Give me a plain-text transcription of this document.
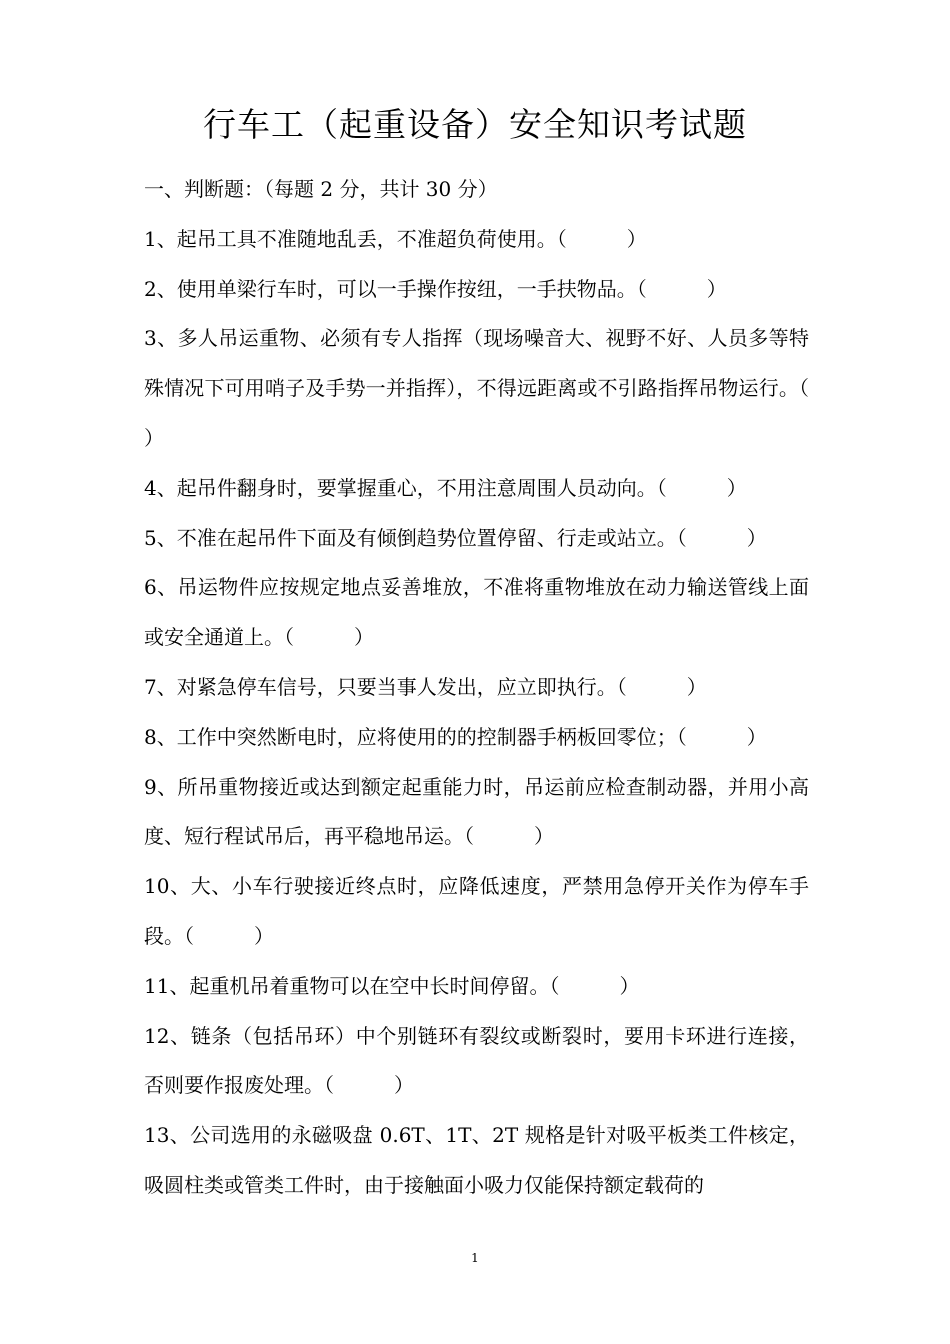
行车工（起重设备）安全知识考试题

一、判断题：（每题 2 分，共计 30 分）

1、起吊工具不准随地乱丢，不准超负荷使用。（　　　）

2、使用单梁行车时，可以一手操作按纽，一手扶物品。（　　　）

3、多人吊运重物、必须有专人指挥（现场噪音大、视野不好、人员多等特殊情况下可用哨子及手势一并指挥），不得远距离或不引路指挥吊物运行。（　　　）

4、起吊件翻身时，要掌握重心，不用注意周围人员动向。（　　　）

5、不准在起吊件下面及有倾倒趋势位置停留、行走或站立。（　　　）

6、吊运物件应按规定地点妥善堆放，不准将重物堆放在动力输送管线上面或安全通道上。（　　　）

7、对紧急停车信号，只要当事人发出，应立即执行。（　　　）

8、工作中突然断电时，应将使用的的控制器手柄板回零位；（　　　）

9、所吊重物接近或达到额定起重能力时，吊运前应检查制动器，并用小高度、短行程试吊后，再平稳地吊运。（　　　）

10、大、小车行驶接近终点时，应降低速度，严禁用急停开关作为停车手段。（　　　）

11、起重机吊着重物可以在空中长时间停留。（　　　）

12、链条（包括吊环）中个别链环有裂纹或断裂时，要用卡环进行连接，否则要作报废处理。（　　　）

13、公司选用的永磁吸盘 0.6T、1T、2T 规格是针对吸平板类工件核定，吸圆柱类或管类工件时，由于接触面小吸力仅能保持额定载荷的

1
